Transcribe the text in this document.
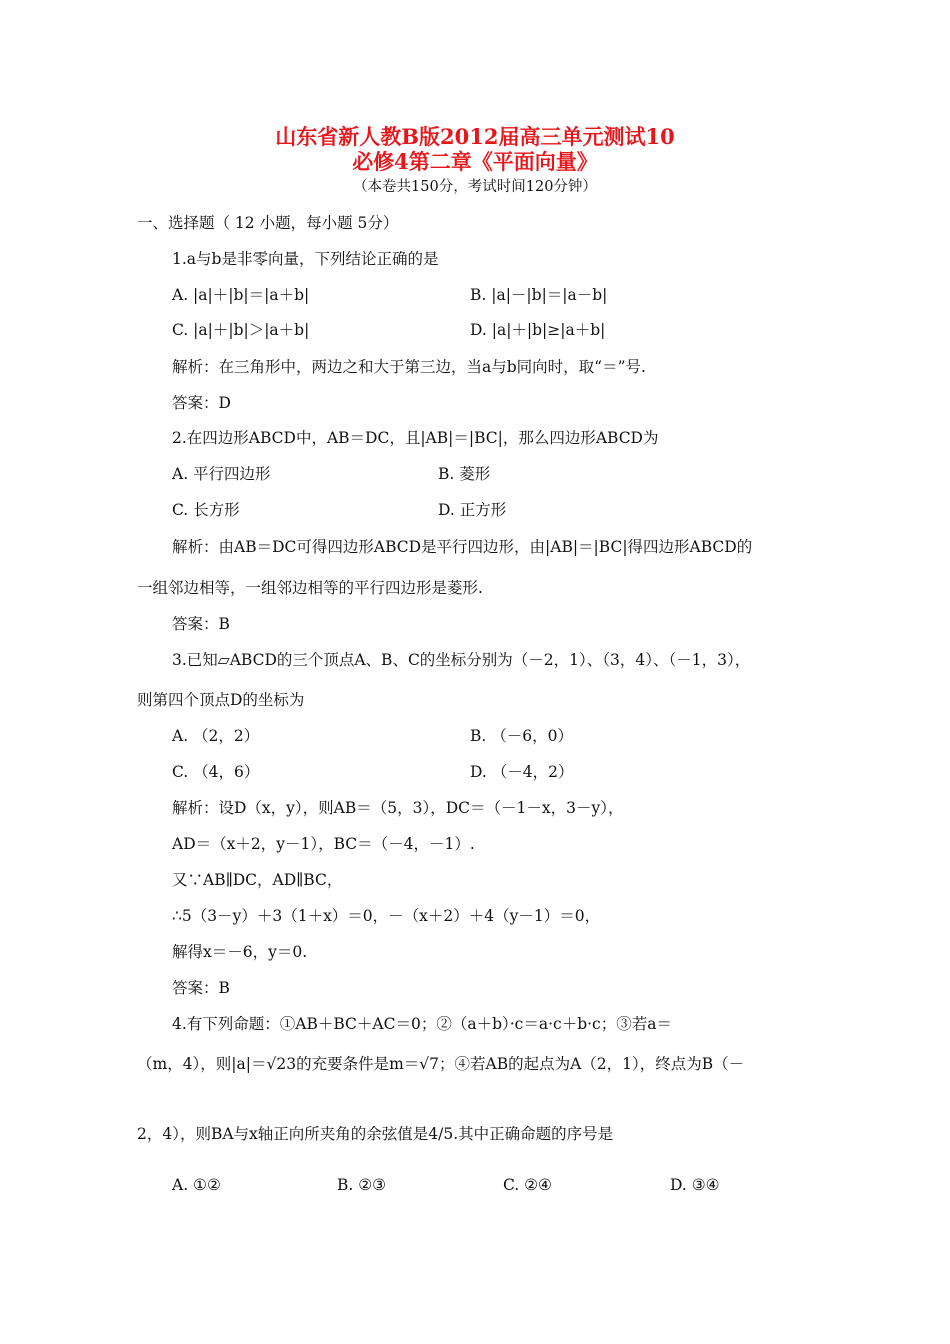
山东省新人教B版2012届高三单元测试10
必修4第二章《平面向量》
（本卷共150分，考试时间120分钟）
一、选择题（ 12 小题，每小题 5分）
1.a与b是非零向量，下列结论正确的是
A. |a|＋|b|＝|a＋b|	B. |a|－|b|＝|a－b|
C. |a|＋|b|＞|a＋b|	D. |a|＋|b|≥|a＋b|
解析：在三角形中，两边之和大于第三边，当a与b同向时，取“＝”号.
答案：D
2.在四边形ABCD中，AB＝DC，且|AB|＝|BC|，那么四边形ABCD为
A. 平行四边形	B. 菱形
C. 长方形	D. 正方形
解析：由AB＝DC可得四边形ABCD是平行四边形，由|AB|＝|BC|得四边形ABCD的
一组邻边相等，一组邻边相等的平行四边形是菱形.
答案：B
3.已知▱ABCD的三个顶点A、B、C的坐标分别为（－2，1）、（3，4）、（－1，3），
则第四个顶点D的坐标为
A. （2，2）	B. （－6，0）
C. （4，6）	D. （－4，2）
解析：设D（x，y），则AB＝（5，3），DC＝（－1－x，3－y），
AD＝（x＋2，y－1），BC＝（－4，－1）.
又∵AB∥DC，AD∥BC，
∴5（3－y）＋3（1＋x）＝0，－（x＋2）＋4（y－1）＝0，
解得x＝－6，y＝0.
答案：B
4.有下列命题：①AB＋BC＋AC＝0；②（a＋b）·c＝a·c＋b·c；③若a＝
（m，4），则|a|＝√23的充要条件是m＝√7；④若AB的起点为A（2，1），终点为B（－
2，4），则BA与x轴正向所夹角的余弦值是4/5.其中正确命题的序号是
A. ①②	B. ②③	C. ②④	D. ③④
